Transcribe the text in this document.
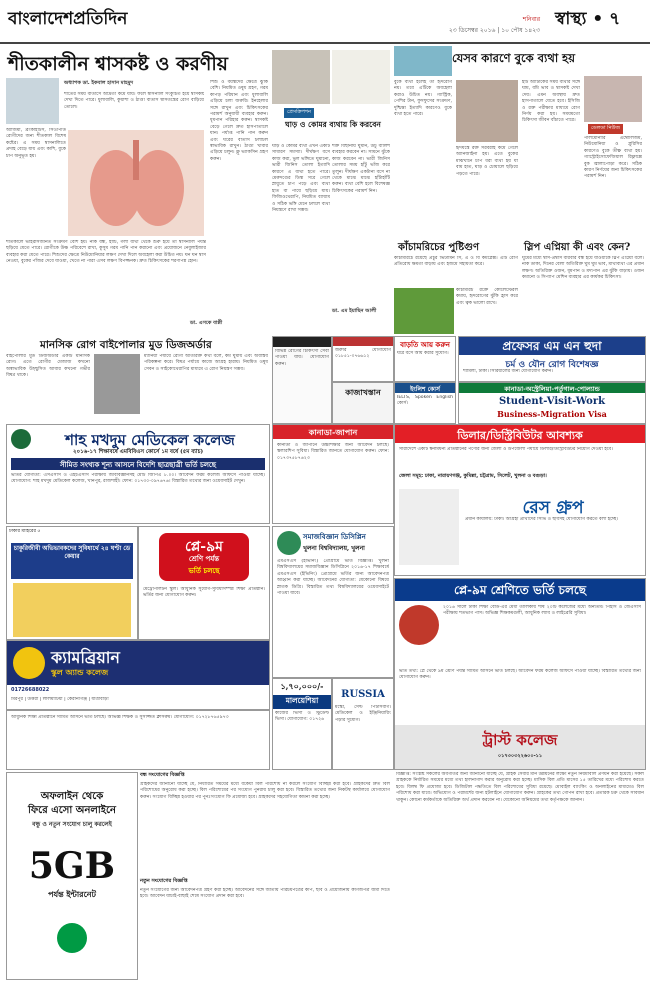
বাংলাদেশপ্রতিদিন	শনিবার
২৩ ডিসেম্বর ২০১৬ | ১০ পৌষ ১৪২৩
স্বাস্থ্য • ৭
শীতকালীন শ্বাসকষ্ট ও করণীয়
অধ্যাপক ডা. ইকবাল হাসান মাহমুদ
শীতের সময় বাতাসে আর্দ্রতা কমে যায়। ফলে শ্বাসনালি সংকুচিত হয়ে শ্বাসকষ্ট দেখা দিতে পারে। ধুলাবালি, কুয়াশা ও ঠাণ্ডা বাতাস শ্বাসতন্ত্রের রোগ বাড়িয়ে তোলে।
শিশু ও বয়স্কদের ক্ষেত্রে ঝুঁকি বেশি। নিয়মিত ওষুধ গ্রহণ, গরম কাপড় পরিধান এবং ধুলাবালি এড়িয়ে চলা জরুরি। ইনহেলার সঙ্গে রাখুন এবং চিকিৎসকের পরামর্শ অনুযায়ী ব্যবহার করুন। ধূমপান পরিহার করুন। শ্বাসকষ্ট বেড়ে গেলে দ্রুত হাসপাতালে যান। পর্যাপ্ত পানি পান করুন এবং ঘরের বাতাস চলাচল স্বাভাবিক রাখুন। ঠাণ্ডা খাবার এড়িয়ে চলুন। ফ্লু ভ্যাকসিন গ্রহণ করুন।
অ্যাজমা, ব্রংকাইটিস, সিওপিডি রোগীদের জন্য শীতকাল বিশেষ কষ্টের। এ সময় শ্বাসনালিতে প্রদাহ বেড়ে যায় এবং কাশি, বুকে চাপ অনুভূত হয়।
শীতকালে ভাইরাসজনিত সংক্রমণ বেশি হয়। নাক বন্ধ, হাঁচি, গলা ব্যথা থেকে শুরু হয়ে তা শ্বাসনালি পর্যন্ত ছড়িয়ে যেতে পারে। রোগীকে উষ্ণ পরিবেশে রাখা, কুসুম গরম পানি পান করানো এবং প্রয়োজনে নেবুলাইজার ব্যবহার করা যেতে পারে। শিশুদের ক্ষেত্রে নিউমোনিয়ার লক্ষণ দেখা দিলে অবহেলা করা উচিত নয়। ঘন ঘন শ্বাস নেওয়া, বুকের পাঁজর দেবে যাওয়া, খেতে না পারা এসব লক্ষণ বিপজ্জনক। দ্রুত চিকিৎসকের শরণাপন্ন হোন।
প্রেসক্রিপশন
ঘাড় ও কোমর ব্যথায় কি করবেন
ঘাড় ও কোমর ব্যথা এখন একটি সাধারণ সমস্যা। দীর্ঘক্ষণ বসে কাজ করা, ভুল ভঙ্গিতে ঘুমানো, ভারী জিনিস তোলা ইত্যাদি কারণে এ ব্যথা হতে পারে। মেরুদণ্ডের ডিস্ক সরে গেলে স্নায়ুতে চাপ পড়ে এবং ব্যথা হাত বা পায়ে ছড়িয়ে যায়। ফিজিওথেরাপি, নিয়মিত ব্যায়াম ও সঠিক ভঙ্গি মেনে চললে ব্যথা নিয়ন্ত্রণে রাখা সম্ভব।
শক্ত বিছানায় ঘুমান, উঁচু বালিশ ব্যবহার করবেন না। সামনে ঝুঁকে কাজ করবেন না। ভারী জিনিস তোলার সময় হাঁটু ভাঁজ করে তুলুন। দীর্ঘক্ষণ একটানা বসে না থেকে মাঝে মাঝে হাঁটাহাঁটি করুন। ব্যথা বেশি হলে বিশেষজ্ঞ চিকিৎসকের পরামর্শ নিন।
ডা. এম ইয়াছিন আলী
যেসব কারণে বুকে ব্যথা হয়
বুকে ব্যথা হলেই তা হৃদরোগ নয়। তবে এটিকে অবহেলা করাও উচিত নয়। গ্যাস্ট্রিক, পেশির টান, ফুসফুসের সংক্রমণ, দুশ্চিন্তা ইত্যাদি কারণেও বুকে ব্যথা হতে পারে।
হৃদযন্ত্রে রক্ত সরবরাহ কমে গেলে অ্যানজাইনা হয়। এতে বুকের মাঝখানে চাপ ধরা ব্যথা হয় যা বাম হাত, ঘাড় ও চোয়ালে ছড়িয়ে পড়তে পারে।
হার্ট অ্যাটাকের সময় ব্যথার সঙ্গে ঘাম, বমি ভাব ও শ্বাসকষ্ট দেখা দেয়। এমন অবস্থায় দ্রুত হাসপাতালে যেতে হবে। ইসিজি ও রক্ত পরীক্ষার মাধ্যমে রোগ নির্ণয় করা হয়। সময়মতো চিকিৎসা জীবন বাঁচাতে পারে।
ডেলডা নিউজ
পালমোনারি এম্বোলিজম, নিউমোনিয়া ও প্লুরিসির কারণেও বুকে তীক্ষ্ণ ব্যথা হয়। গ্যাস্ট্রোইসোফেজিয়াল রিফ্লাক্সে বুক জ্বালাপোড়া করে। সঠিক কারণ নির্ণয়ের জন্য চিকিৎসকের পরামর্শ নিন।
কাঁচামরিচের পুষ্টিগুণ
কাঁচামরিচে রয়েছে প্রচুর ভিটামিন সি, এ ও বি কমপ্লেক্স। এটি রোগ প্রতিরোধ ক্ষমতা বাড়ায় এবং হজমে সহায়তা করে।
কাঁচামরিচ রক্তে কোলেস্টেরল কমায়, হৃদরোগের ঝুঁকি হ্রাস করে এবং ত্বক ভালো রাখে।
স্লিপ এপ্নিয়া কী এবং কেন?
ঘুমের মধ্যে শ্বাস-প্রশ্বাস বারবার বন্ধ হয়ে যাওয়াকে স্লিপ এপ্নিয়া বলে। নাক ডাকা, দিনের বেলা অতিরিক্ত ঘুম ঘুম ভাব, মাথাব্যথা এর প্রধান লক্ষণ। অতিরিক্ত ওজন, ধূমপান ও মদ্যপান এর ঝুঁকি বাড়ায়। ওজন কমানো ও সিপ্যাপ মেশিন ব্যবহার এর কার্যকর চিকিৎসা।
মানসিক রোগ বাইপোলার মুড ডিজঅর্ডার
বাইপোলার মুড ডিজঅর্ডার একটি মানসিক রোগ। এতে রোগীর মেজাজ কখনো অস্বাভাবিক উচ্ছ্বসিত আবার কখনো গভীর বিষণ্ণ থাকে।
ম্যানিয়া পর্যায়ে রোগী অতিরিক্ত কথা বলে, কম ঘুমায় এবং অবাস্তব পরিকল্পনা করে। বিষণ্ণ পর্যায়ে কাজে আগ্রহ হারায়। নিয়মিত ওষুধ সেবন ও সাইকোথেরাপির মাধ্যমে এ রোগ নিয়ন্ত্রণ সম্ভব।
ডা. এসকে বাপ্পী
বিভিন্ন রোগের চিকিৎসা সেবা পাওয়া যায়। যোগাযোগ করুন।
জরুরি যোগাযোগ ০১৮৫১-০৭৬৬১২
কাজাখস্তান
বাড়তি আয় করুন
ঘরে বসে আয় করার সুযোগ।
ইংলিশ কোর্স
IELTS, Spoken English কোর্স।
প্রফেসর এম এন হুদা
চর্ম ও যৌন রোগ বিশেষজ্ঞ
শ্যামলী, ঢাকা। সিরিয়ালের জন্য যোগাযোগ করুন।
কানাডা-অস্ট্রেলিয়া-পর্তুগাল-পোল্যান্ড
Student-Visit-Work
Business-Migration Visa
শাহ মখদুম মেডিকেল কলেজ
২০১৬-১৭ শিক্ষাবর্ষে এমবিবিএস কোর্সে ১ম বর্ষে (৫ম ব্যাচ)
সীমিত সংখ্যক শূন্য আসনে বিদেশি ছাত্রছাত্রী ভর্তি চলছে
ভর্তির যোগ্যতা: এসএসসি ও এইচএসসি পরীক্ষায় জীববিজ্ঞানসহ মোট জিপিএ ৮.০০। আবেদন ফরম কলেজ অফিসে পাওয়া যাচ্ছে। যোগাযোগ: শাহ মখদুম মেডিকেল কলেজ, খানপুর, রাজশাহী। ফোন: ০১৭৩০-০৯৭৬৭৬। বিস্তারিত তথ্যের জন্য ওয়েবসাইট দেখুন।
কানাডা-জাপান
কানাডা ও জাপানে উচ্চশিক্ষার জন্য আবেদন চলছে। স্কলারশিপ সুবিধা। বিস্তারিত জানতে যোগাযোগ করুন। ফোন: ০১৭৩৭৫৮৭৬২৩
ডিলার/ডিস্ট্রিবিউটর আবশ্যক
সারাদেশে একটি স্বনামধন্য প্রতিষ্ঠানের পণ্যের জন্য জেলা ও উপজেলা পর্যায়ে ডিলার/ডিস্ট্রিবিউটর নিয়োগ দেওয়া হবে।
জেলা সমূহ: ঢাকা, নারায়ণগঞ্জ, কুমিল্লা, চট্টগ্রাম, সিলেট, খুলনা ও বগুড়া।
রেস গ্রুপ
প্রধান কার্যালয়: ঢাকা। আগ্রহী প্রার্থীদের সিভি ও ছবিসহ যোগাযোগ করতে বলা হচ্ছে।
ঢাকার মাহিরের ৫
চাকুরিজীবী অভিভাবকদের সুবিধার্থে ২৪ ঘণ্টা ডে কেয়ার
প্লে-৯ম
শ্রেণি পর্যন্ত
ভর্তি চলছে
মেট্রোপলিটন স্কুল। আধুনিক সুযোগ-সুবিধাসম্পন্ন শিক্ষা প্রতিষ্ঠান। ভর্তির জন্য যোগাযোগ করুন।
ক্যামব্রিয়ান
স্কুল অ্যান্ড কলেজ
01726688022
মিরপুর | উত্তরা | লালমাটিয়া | কেরানীগঞ্জ | যাত্রাবাড়ী
সমাজবিজ্ঞান ডিসিপ্লিন
খুলনা বিশ্ববিদ্যালয়, খুলনা
এমএসএস (ইভিনিং) প্রোগ্রামে ভর্তি বিজ্ঞপ্তি। খুলনা বিশ্ববিদ্যালয়ের সমাজবিজ্ঞান ডিসিপ্লিনে ২০১৬-১৭ শিক্ষাবর্ষে এমএসএস (ইভিনিং) প্রোগ্রামে ভর্তির জন্য আবেদনপত্র আহ্বান করা যাচ্ছে। আবেদনের যোগ্যতা: যেকোনো বিষয়ে স্নাতক ডিগ্রি। বিস্তারিত তথ্য বিশ্ববিদ্যালয়ের ওয়েবসাইটে পাওয়া যাবে।
১,৭০,০০০/-
মালয়েশিয়া
কাজের ভিসা ও স্টুডেন্ট ভিসা। যোগাযোগ: ০১৭২৬
RUSSIA
মস্কো, সেন্ট পিটার্সবার্গ। মেডিকেল ও ইঞ্জিনিয়ারিং পড়ার সুযোগ।
প্লে-৯ম শ্রেণিতে ভর্তি চলছে
২০১৬ সালে ঢাকা শিক্ষা বোর্ড-এর মেধা তালিকায় শীর্ষ ২০টি কলেজের মধ্যে অন্যতম। পিইসি ও জেএসসি পরীক্ষায় শতভাগ পাস। অভিজ্ঞ শিক্ষকমণ্ডলী, আধুনিক ল্যাব ও লাইব্রেরি সুবিধা।
ভর্তি তথ্য: প্লে থেকে ৯ম শ্রেণি পর্যন্ত সীমিত আসনে ভর্তি চলছে। আবেদন ফরম কলেজ অফিসে পাওয়া যাচ্ছে। বিস্তারিত তথ্যের জন্য যোগাযোগ করুন।
ট্রাস্ট কলেজ
০১৭৩০৩২২৬০০-১১
আধুনিক শিক্ষা প্রতিষ্ঠানে সীমিত আসনে ভর্তি চলছে। অভিজ্ঞ শিক্ষক ও সুসজ্জিত ক্লাসরুম। যোগাযোগ: ০১৭২৮৭৬৫৯৭৩
অফলাইন থেকে
ফিরে এসো অনলাইনে
বন্ধু ও নতুন সংযোগ চালু করলেই
5GB
পর্যন্ত ইন্টারনেট
বন্ধ সংযোগের বিজ্ঞপ্তি
গ্রাহকদের জানানো যাচ্ছে যে, নির্ধারিত সময়ের মধ্যে বকেয়া বিল পরিশোধ না করলে সংযোগ বিচ্ছিন্ন করা হবে। গ্রাহকদের দ্রুত বিল পরিশোধের অনুরোধ করা হচ্ছে। বিল পরিশোধের পর সংযোগ পুনরায় চালু করা হবে। বিস্তারিত তথ্যের জন্য নিকটস্থ কার্যালয়ে যোগাযোগ করুন। সংযোগ বিচ্ছিন্ন হওয়ার পর পুনঃসংযোগ ফি প্রযোজ্য হবে। গ্রাহকদের সহযোগিতা কামনা করা হচ্ছে।
নতুন সংযোগের বিজ্ঞপ্তি
নতুন সংযোগের জন্য আবেদনপত্র গ্রহণ করা হচ্ছে। আবেদনের সঙ্গে জাতীয় পরিচয়পত্রের কপি, ছবি ও প্রয়োজনীয় কাগজপত্র জমা দিতে হবে। আবেদন যাচাই-বাছাই শেষে সংযোগ প্রদান করা হবে।
বিজ্ঞপ্তি: সংশ্লিষ্ট সকলের অবগতির জন্য জানানো যাচ্ছে যে, গ্রাহক সেবার মান উন্নয়নের লক্ষ্যে নতুন নিয়মাবলি প্রণয়ন করা হয়েছে। সকল গ্রাহককে নির্ধারিত সময়ের মধ্যে তথ্য হালনাগাদ করার অনুরোধ করা হচ্ছে। মাসিক বিল প্রতি মাসের ১৫ তারিখের মধ্যে পরিশোধ করতে হবে। বিলম্ব ফি প্রযোজ্য হবে। ডিজিটাল পদ্ধতিতে বিল পরিশোধের সুবিধা রয়েছে। মোবাইল ব্যাংকিং ও অনলাইনের মাধ্যমেও বিল পরিশোধ করা যাবে। অভিযোগ ও পরামর্শের জন্য হটলাইনে যোগাযোগ করুন। গ্রাহকের তথ্য গোপন রাখা হবে। প্রতারক চক্র থেকে সাবধান থাকুন। কোনো কর্মকর্তাকে অতিরিক্ত অর্থ প্রদান করবেন না। যেকোনো অনিয়মের তথ্য কর্তৃপক্ষকে জানান।
